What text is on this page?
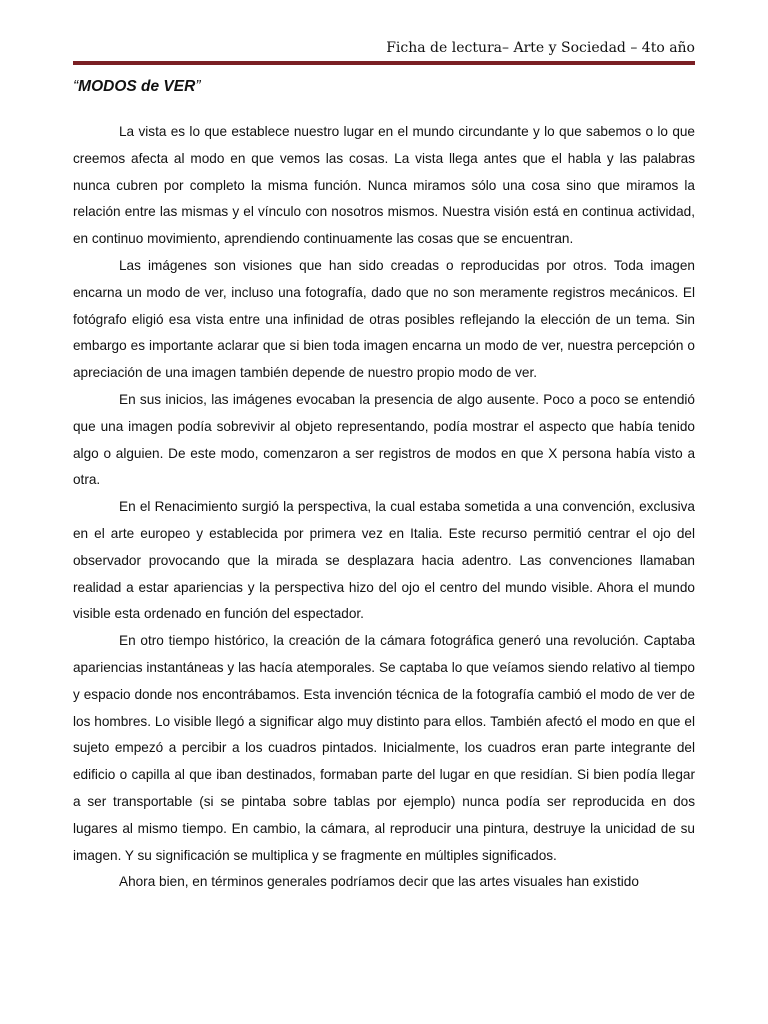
Ficha de lectura– Arte y Sociedad – 4to año
“MODOS de VER”

La vista es lo que establece nuestro lugar en el mundo circundante y lo que sabemos o lo que creemos afecta al modo en que vemos las cosas. La vista llega antes que el habla y las palabras nunca cubren por completo la misma función. Nunca miramos sólo una cosa sino que miramos la relación entre las mismas y el vínculo con nosotros mismos. Nuestra visión está en continua actividad, en continuo movimiento, aprendiendo continuamente las cosas que se encuentran.

Las imágenes son visiones que han sido creadas o reproducidas por otros. Toda imagen encarna un modo de ver, incluso una fotografía, dado que no son meramente registros mecánicos. El fotógrafo eligió esa vista entre una infinidad de otras posibles reflejando la elección de un tema. Sin embargo es importante aclarar que si bien toda imagen encarna un modo de ver, nuestra percepción o apreciación de una imagen también depende de nuestro propio modo de ver.

En sus inicios, las imágenes evocaban la presencia de algo ausente. Poco a poco se entendió que una imagen podía sobrevivir al objeto representando, podía mostrar el aspecto que había tenido algo o alguien. De este modo, comenzaron a ser registros de modos en que X persona había visto a otra.

En el Renacimiento surgió la perspectiva, la cual estaba sometida a una convención, exclusiva en el arte europeo y establecida por primera vez en Italia. Este recurso permitió centrar el ojo del observador provocando que la mirada se desplazara hacia adentro. Las convenciones llamaban realidad a estar apariencias y la perspectiva hizo del ojo el centro del mundo visible. Ahora el mundo visible esta ordenado en función del espectador.

En otro tiempo histórico, la creación de la cámara fotográfica generó una revolución. Captaba apariencias instantáneas y las hacía atemporales. Se captaba lo que veíamos siendo relativo al tiempo y espacio donde nos encontrábamos. Esta invención técnica de la fotografía cambió el modo de ver de los hombres. Lo visible llegó a significar algo muy distinto para ellos. También afectó el modo en que el sujeto empezó a percibir a los cuadros pintados. Inicialmente, los cuadros eran parte integrante del edificio o capilla al que iban destinados, formaban parte del lugar en que residían. Si bien podía llegar a ser transportable (si se pintaba sobre tablas por ejemplo) nunca podía ser reproducida en dos lugares al mismo tiempo. En cambio, la cámara, al reproducir una pintura, destruye la unicidad de su imagen. Y su significación se multiplica y se fragmente en múltiples significados.

Ahora bien, en términos generales podríamos decir que las artes visuales han existido
